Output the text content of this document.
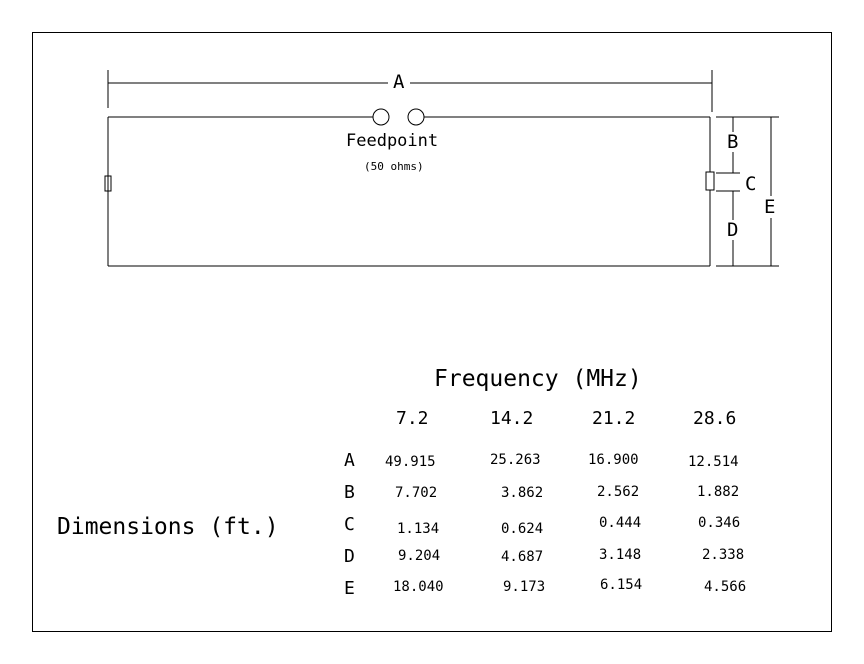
A
B
C
D
E
Feedpoint
(50 ohms)
Frequency (MHz)
7.2	14.2	21.2	28.6
Dimensions (ft.)
A 49.915	25.263	16.900	12.514
B	7.702	3.862	2.562	1.882
C	1.134	0.624	0.444	0.346
D	9.204	4.687	3.148	2.338
E	18.040	9.173	6.154	4.566
